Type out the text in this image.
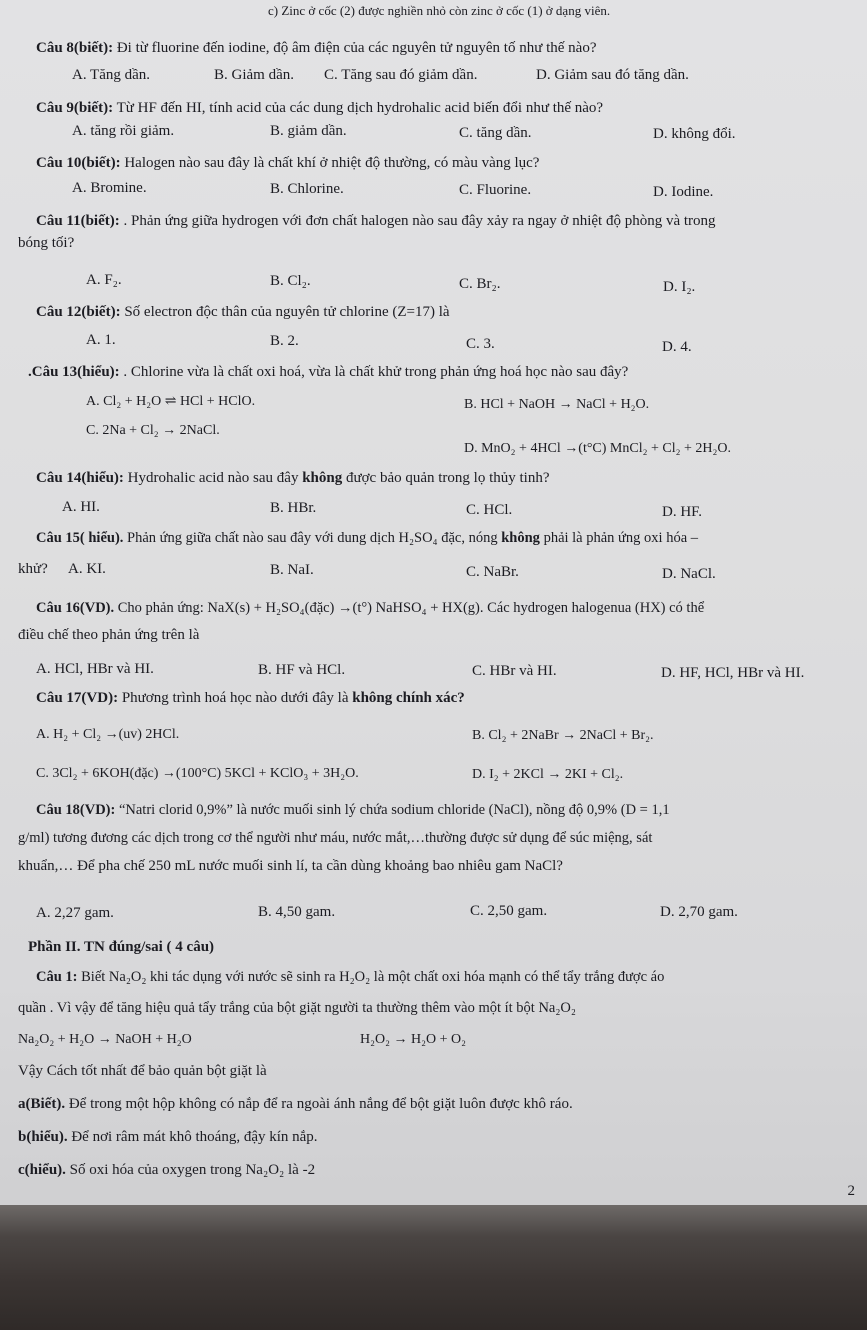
c) Zinc ở cốc (2) được nghiền nhỏ còn zinc ở cốc (1) ở dạng viên.
Câu 8(biết): Đi từ fluorine đến iodine, độ âm điện của các nguyên tử nguyên tố như thế nào?
A. Tăng dần.	B. Giảm dần. C. Tăng sau đó giảm dần.	D. Giảm sau đó tăng dần.
Câu 9(biết): Từ HF đến HI, tính acid của các dung dịch hydrohalic acid biến đổi như thế nào?
A. tăng rồi giảm.	B. giảm dần.	C. tăng dần.	D. không đổi.
Câu 10(biết): Halogen nào sau đây là chất khí ở nhiệt độ thường, có màu vàng lục?
A. Bromine.	B. Chlorine.	C. Fluorine.	D. Iodine.
Câu 11(biết): . Phản ứng giữa hydrogen với đơn chất halogen nào sau đây xảy ra ngay ở nhiệt độ phòng và trong
bóng tối?
A. F₂.	B. Cl₂.	C. Br₂.	D. I₂.
Câu 12(biết): Số electron độc thân của nguyên tử chlorine (Z=17) là
A. 1.	B. 2.	C. 3.	D. 4.
.Câu 13(hiểu): . Chlorine vừa là chất oxi hoá, vừa là chất khử trong phản ứng hoá học nào sau đây?
A. Cl₂ + H₂O ⇌ HCl + HClO.	B. HCl + NaOH → NaCl + H₂O.
C. 2Na + Cl₂ → 2NaCl.
D. MnO₂ + 4HCl →(t°C) MnCl₂ + Cl₂ + 2H₂O.
Câu 14(hiểu): Hydrohalic acid nào sau đây không được bảo quản trong lọ thủy tinh?
A. HI.	B. HBr.	C. HCl.	D. HF.
Câu 15( hiểu). Phản ứng giữa chất nào sau đây với dung dịch H₂SO₄ đặc, nóng không phải là phản ứng oxi hóa –
khử? A. KI.	B. NaI.	C. NaBr.	D. NaCl.
Câu 16(VD). Cho phản ứng: NaX(s) + H₂SO₄(đặc) →(t°) NaHSO₄ + HX(g). Các hydrogen halogenua (HX) có thể
điều chế theo phản ứng trên là
A. HCl, HBr và HI.	B. HF và HCl.	C. HBr và HI.	D. HF, HCl, HBr và HI.
Câu 17(VD): Phương trình hoá học nào dưới đây là không chính xác?
A. H₂ + Cl₂ →(uv) 2HCl.	B. Cl₂ + 2NaBr → 2NaCl + Br₂.
C. 3Cl₂ + 6KOH(đặc) →(100°C) 5KCl + KClO₃ + 3H₂O.	D. I₂ + 2KCl → 2KI + Cl₂.
Câu 18(VD): “Natri clorid 0,9%” là nước muối sinh lý chứa sodium chloride (NaCl), nồng độ 0,9% (D = 1,1
g/ml) tương đương các dịch trong cơ thể người như máu, nước mắt,…thường được sử dụng để súc miệng, sát
khuẩn,… Để pha chế 250 mL nước muối sinh lí, ta cần dùng khoảng bao nhiêu gam NaCl?
A. 2,27 gam.	B. 4,50 gam.	C. 2,50 gam.	D. 2,70 gam.
Phần II. TN đúng/sai ( 4 câu)
Câu 1: Biết Na₂O₂ khi tác dụng với nước sẽ sinh ra H₂O₂ là một chất oxi hóa mạnh có thể tẩy trắng được áo
quần . Vì vậy để tăng hiệu quả tẩy trắng của bột giặt người ta thường thêm vào một ít bột Na₂O₂
Na₂O₂ + H₂O → NaOH + H₂O	H₂O₂ → H₂O + O₂
Vậy Cách tốt nhất để bảo quản bột giặt là
a(Biết). Để trong một hộp không có nắp để ra ngoài ánh nắng để bột giặt luôn được khô ráo.
b(hiểu). Để nơi râm mát khô thoáng, đậy kín nắp.
c(hiểu). Số oxi hóa của oxygen trong Na₂O₂ là -2
2
